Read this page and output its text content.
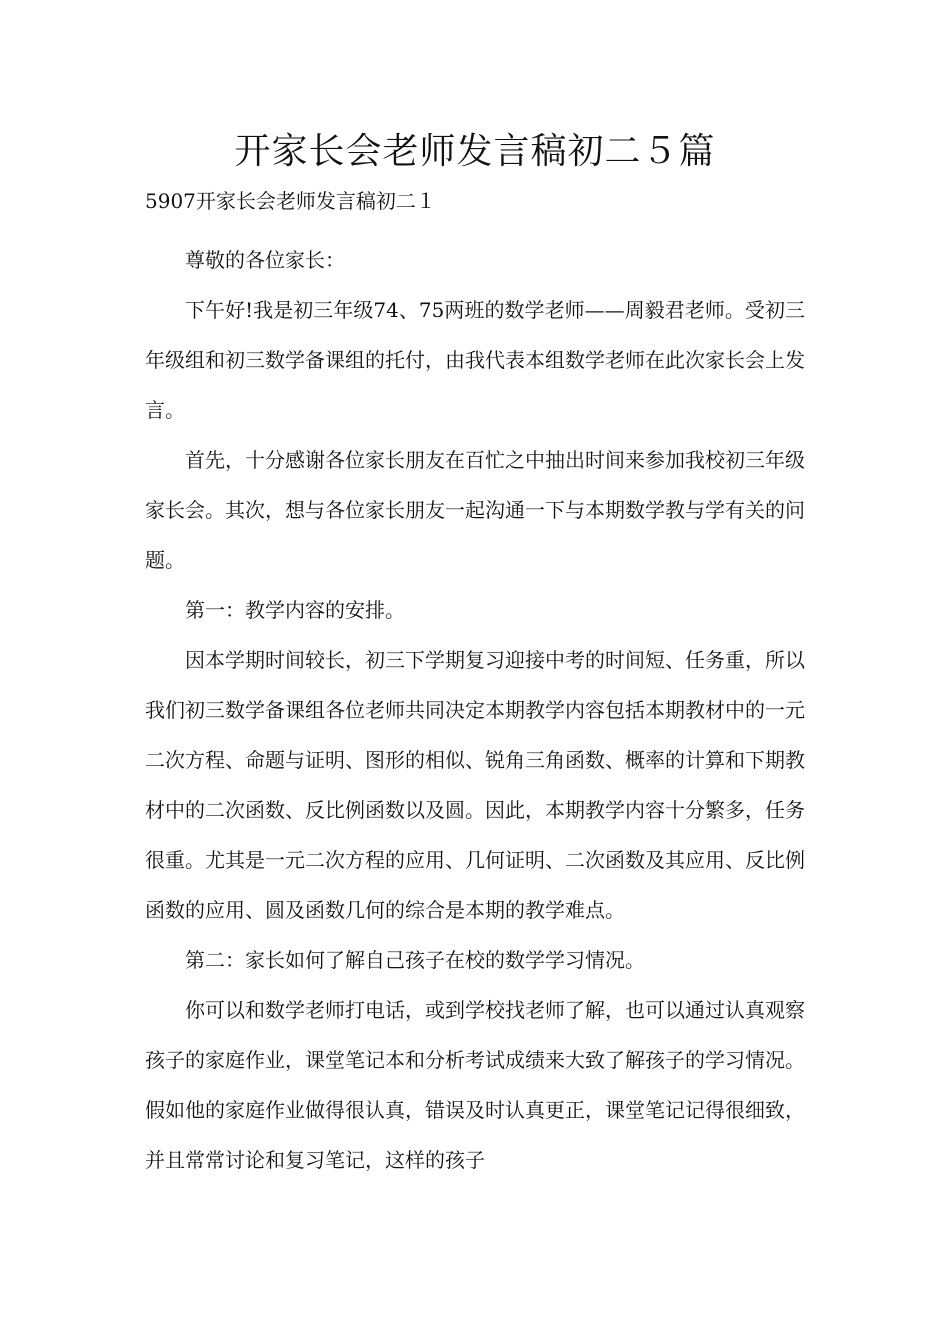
开家长会老师发言稿初二５篇

5907开家长会老师发言稿初二１

尊敬的各位家长：

下午好!我是初三年级74、75两班的数学老师——周毅君老师。受初三年级组和初三数学备课组的托付，由我代表本组数学老师在此次家长会上发言。

首先，十分感谢各位家长朋友在百忙之中抽出时间来参加我校初三年级家长会。其次，想与各位家长朋友一起沟通一下与本期数学教与学有关的问题。

第一：教学内容的安排。

因本学期时间较长，初三下学期复习迎接中考的时间短、任务重，所以我们初三数学备课组各位老师共同决定本期教学内容包括本期教材中的一元二次方程、命题与证明、图形的相似、锐角三角函数、概率的计算和下期教材中的二次函数、反比例函数以及圆。因此，本期教学内容十分繁多，任务很重。尤其是一元二次方程的应用、几何证明、二次函数及其应用、反比例函数的应用、圆及函数几何的综合是本期的教学难点。

第二：家长如何了解自己孩子在校的数学学习情况。

你可以和数学老师打电话，或到学校找老师了解，也可以通过认真观察孩子的家庭作业，课堂笔记本和分析考试成绩来大致了解孩子的学习情况。假如他的家庭作业做得很认真，错误及时认真更正，课堂笔记记得很细致，并且常常讨论和复习笔记，这样的孩子
